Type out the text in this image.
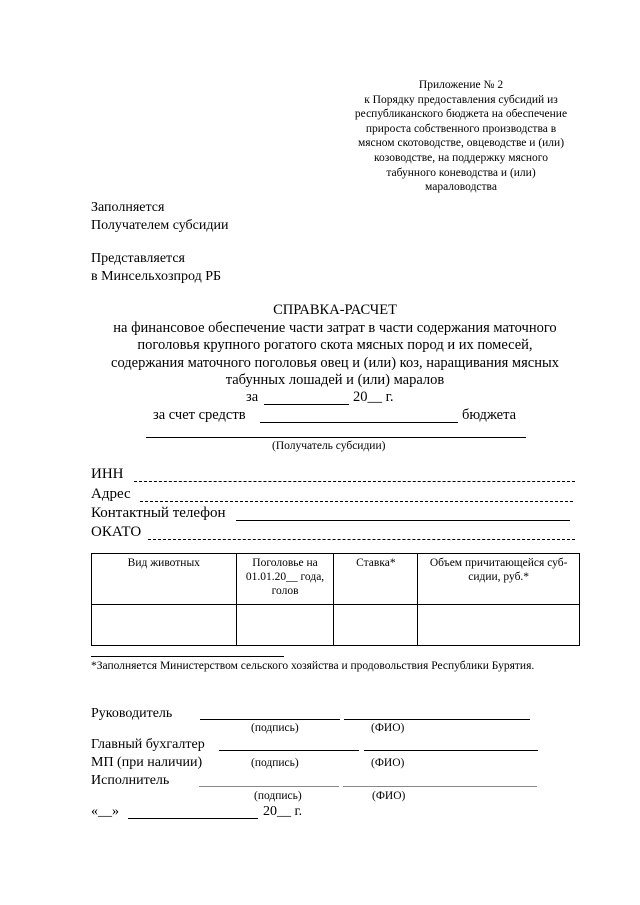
Приложение № 2
к Порядку предоставления субсидий из
республиканского бюджета на обеспечение
прироста собственного производства в
мясном скотоводстве, овцеводстве и (или)
козоводстве, на поддержку мясного
табунного коневодства и (или)
мараловодства
Заполняется
Получателем субсидии
Представляется
в Минсельхозпрод РБ
СПРАВКА-РАСЧЕТ
на финансовое обеспечение части затрат в части содержания маточного
поголовья крупного рогатого скота мясных пород и их помесей,
содержания маточного поголовья овец и (или) коз, наращивания мясных
табунных лошадей и (или) маралов
за	20__ г.
за счет средств	бюджета
(Получатель субсидии)
ИНН
Адрес
Контактный телефон
ОКАТО
Вид животных	Поголовье на 01.01.20__ года, голов	Ставка*	Объем причитающейся суб-сидии, руб.*

*Заполняется Министерством сельского хозяйства и продовольствия Республики Бурятия.
Руководитель
(подпись)	(ФИО)
Главный бухгалтер
МП (при наличии)	(подпись)	(ФИО)
Исполнитель
(подпись)	(ФИО)
«__»	20__ г.
